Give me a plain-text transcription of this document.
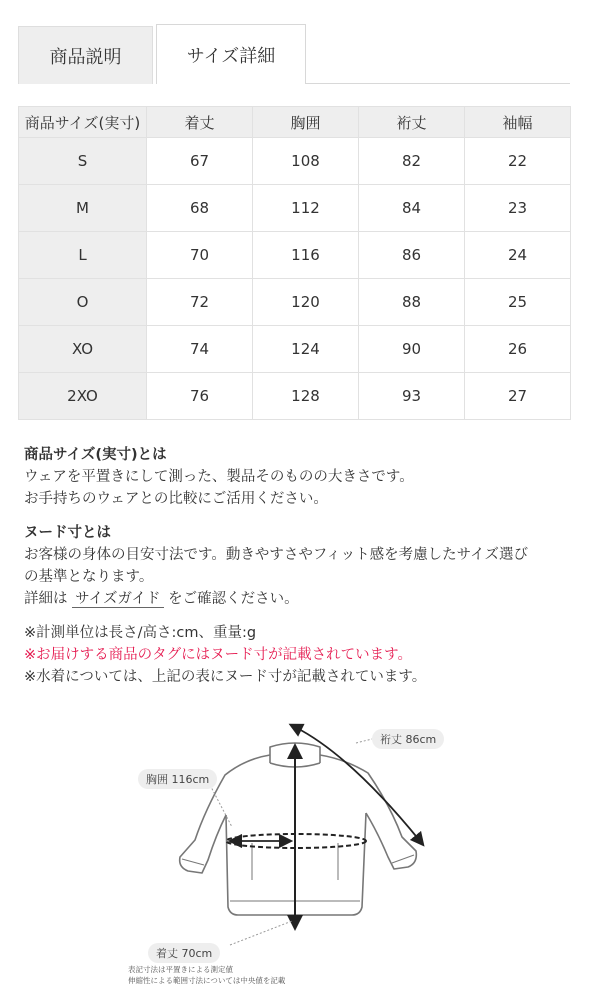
商品説明	サイズ詳細
商品サイズ(実寸)	着丈	胸囲	裄丈	袖幅
S	67	108	82	22
M	68	112	84	23
L	70	116	86	24
O	72	120	88	25
XO	74	124	90	26
2XO	76	128	93	27
商品サイズ(実寸)とは
ウェアを平置きにして測った、製品そのものの大きさです。
お手持ちのウェアとの比較にご活用ください。
ヌード寸とは
お客様の身体の目安寸法です。動きやすさやフィット感を考慮したサイズ選び
の基準となります。
詳細は サイズガイド をご確認ください。
※計測単位は長さ/高さ:cm、重量:g
※お届けする商品のタグにはヌード寸が記載されています。
※水着については、上記の表にヌード寸が記載されています。
裄丈 86cm
胸囲 116cm
着丈 70cm
表記寸法は平置きによる測定値
伸縮性による範囲寸法については中央値を記載
